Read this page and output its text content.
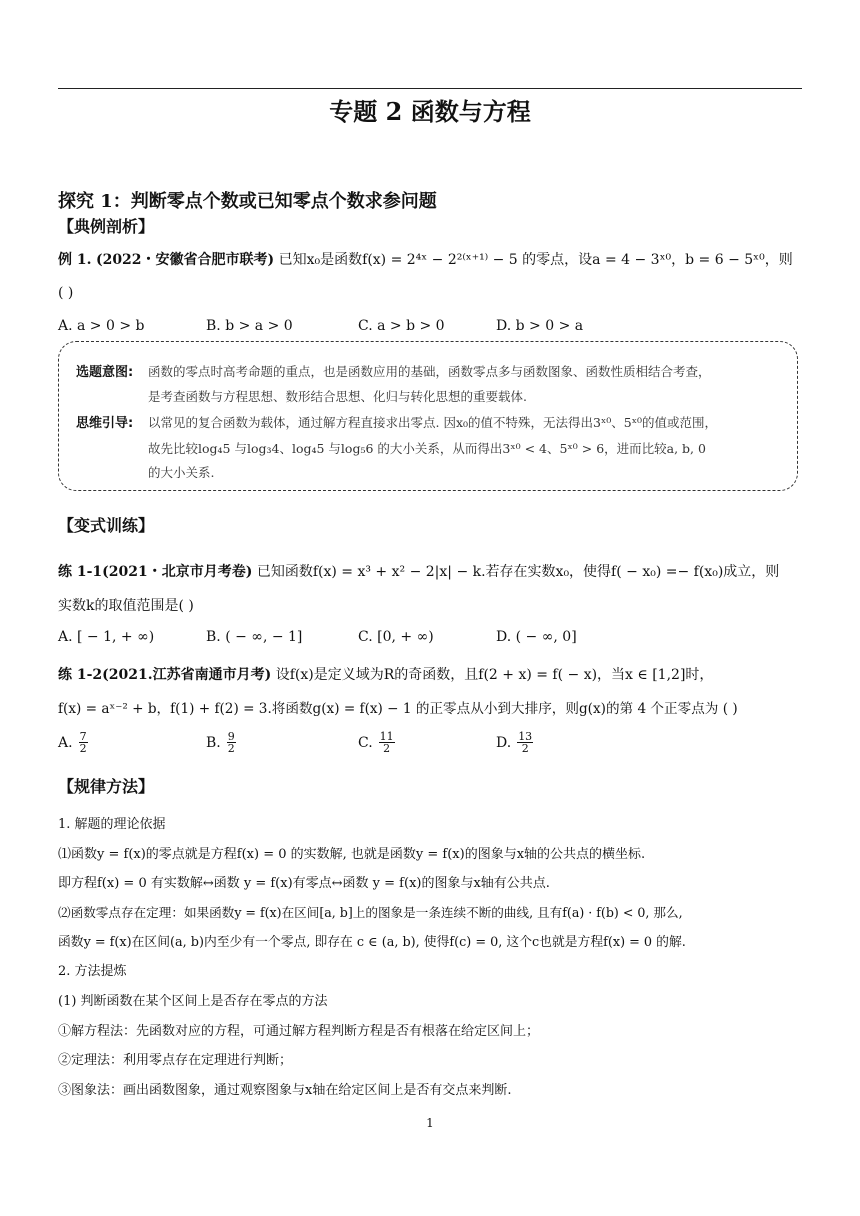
专题 2 函数与方程
探究 1：判断零点个数或已知零点个数求参问题
【典例剖析】
例 1. (2022・安徽省合肥市联考) 已知x₀是函数f(x) = 2⁴ˣ − 2²⁽ˣ⁺¹⁾ − 5 的零点，设a = 4 − 3ˣ⁰，b = 6 − 5ˣ⁰，则
( )
A. a > 0 > b	B. b > a > 0	C. a > b > 0	D. b > 0 > a
选题意图: 函数的零点时高考命题的重点，也是函数应用的基础，函数零点多与函数图象、函数性质相结合考查，
是考查函数与方程思想、数形结合思想、化归与转化思想的重要载体.
思维引导: 以常见的复合函数为载体，通过解方程直接求出零点. 因x₀的值不特殊，无法得出3ˣ⁰、5ˣ⁰的值或范围，
故先比较log₄5 与log₃4、log₄5 与log₅6 的大小关系，从而得出3ˣ⁰ < 4、5ˣ⁰ > 6，进而比较a, b, 0
的大小关系.
【变式训练】
练 1-1(2021・北京市月考卷) 已知函数f(x) = x³ + x² − 2|x| − k.若存在实数x₀，使得f( − x₀) =− f(x₀)成立，则
实数k的取值范围是( )
A. [ − 1, + ∞)	B. ( − ∞, − 1]	C. [0, + ∞)	D. ( − ∞, 0]
练 1-2(2021.江苏省南通市月考) 设f(x)是定义域为R的奇函数，且f(2 + x) = f( − x)，当x ∈ [1,2]时，
f(x) = aˣ⁻² + b，f(1) + f(2) = 3.将函数g(x) = f(x) − 1 的正零点从小到大排序，则g(x)的第 4 个正零点为 ( )
A. $\frac{7}{2}$	B. $\frac{9}{2}$	C. $\frac{11}{2}$	D. $\frac{13}{2}$
【规律方法】
1. 解题的理论依据
⑴函数y = f(x)的零点就是方程f(x) = 0 的实数解, 也就是函数y = f(x)的图象与x轴的公共点的横坐标.
即方程f(x) = 0 有实数解↔函数 y = f(x)有零点↔函数 y = f(x)的图象与x轴有公共点.
⑵函数零点存在定理：如果函数y = f(x)在区间[a, b]上的图象是一条连续不断的曲线, 且有f(a) · f(b) < 0, 那么,
函数y = f(x)在区间(a, b)内至少有一个零点, 即存在 c ∈ (a, b), 使得f(c) = 0, 这个c也就是方程f(x) = 0 的解.
2. 方法提炼
(1) 判断函数在某个区间上是否存在零点的方法
①解方程法：先函数对应的方程，可通过解方程判断方程是否有根落在给定区间上；
②定理法：利用零点存在定理进行判断；
③图象法：画出函数图象，通过观察图象与x轴在给定区间上是否有交点来判断.
1
